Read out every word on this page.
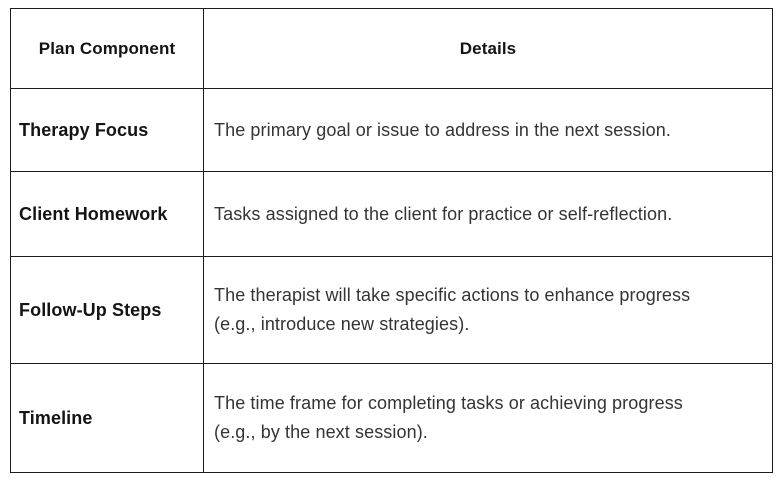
Plan Component	Details
Therapy Focus	The primary goal or issue to address in the next session.
Client Homework	Tasks assigned to the client for practice or self-reflection.
Follow-Up Steps	The therapist will take specific actions to enhance progress (e.g., introduce new strategies).
Timeline	The time frame for completing tasks or achieving progress (e.g., by the next session).
